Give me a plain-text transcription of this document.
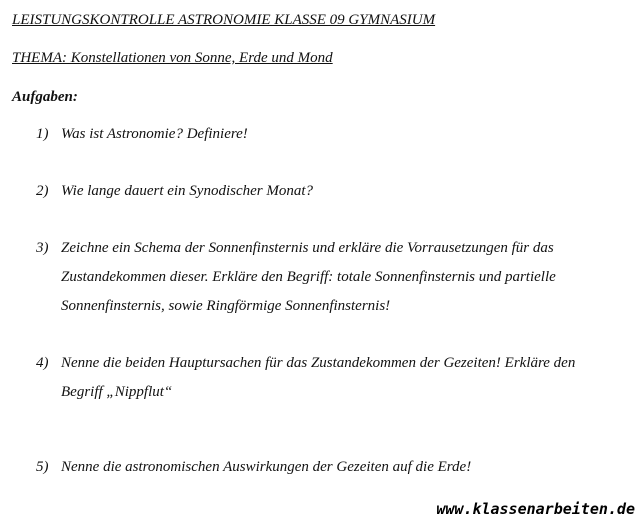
LEISTUNGSKONTROLLE ASTRONOMIE KLASSE 09 GYMNASIUM
THEMA: Konstellationen von Sonne, Erde und Mond
Aufgaben:
1) Was ist Astronomie? Definiere!
2) Wie lange dauert ein Synodischer Monat?
3) Zeichne ein Schema der Sonnenfinsternis und erkläre die Vorrausetzungen für das
Zustandekommen dieser. Erkläre den Begriff: totale Sonnenfinsternis und partielle
Sonnenfinsternis, sowie Ringförmige Sonnenfinsternis!
4) Nenne die beiden Hauptursachen für das Zustandekommen der Gezeiten! Erkläre den
Begriff „Nippflut“
5) Nenne die astronomischen Auswirkungen der Gezeiten auf die Erde!
www.klassenarbeiten.de
